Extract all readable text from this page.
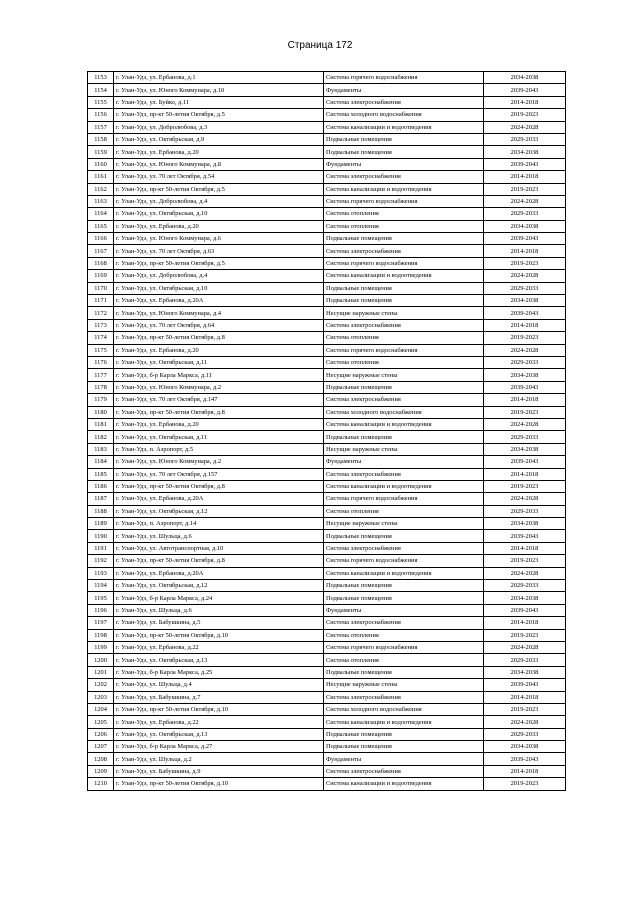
Страница 172
1153	г. Улан-Удэ, ул. Ербанова, д.1	Система горячего водоснабжения	2034-2038
1154	г. Улан-Удэ, ул. Юного Коммунара, д.10	Фундаменты	2039-2043
1155	г. Улан-Удэ, ул. Буйко, д.11	Система электроснабжения	2014-2018
1156	г. Улан-Удэ, пр-кт 50-летия Октября, д.5	Система холодного водоснабжения	2019-2023
1157	г. Улан-Удэ, ул. Добролюбова, д.3	Система канализации и водоотведения	2024-2028
1158	г. Улан-Удэ, ул. Октябрьская, д.9	Подвальные помещения	2029-2033
1159	г. Улан-Удэ, ул. Ербанова, д.20	Подвальные помещения	2034-2038
1160	г. Улан-Удэ, ул. Юного Коммунара, д.8	Фундаменты	2039-2043
1161	г. Улан-Удэ, ул. 70 лет Октября, д.54	Система электроснабжения	2014-2018
1162	г. Улан-Удэ, пр-кт 50-летия Октября, д.5	Система канализации и водоотведения	2019-2023
1163	г. Улан-Удэ, ул. Добролюбова, д.4	Система горячего водоснабжения	2024-2028
1164	г. Улан-Удэ, ул. Октябрьская, д.10	Система отопления	2029-2033
1165	г. Улан-Удэ, ул. Ербанова, д.20	Система отопления	2034-2038
1166	г. Улан-Удэ, ул. Юного Коммунара, д.6	Подвальные помещения	2039-2043
1167	г. Улан-Удэ, ул. 70 лет Октября, д.63	Система электроснабжения	2014-2018
1168	г. Улан-Удэ, пр-кт 50-летия Октября, д.5	Система горячего водоснабжения	2019-2023
1169	г. Улан-Удэ, ул. Добролюбова, д.4	Система канализации и водоотведения	2024-2028
1170	г. Улан-Удэ, ул. Октябрьская, д.10	Подвальные помещения	2029-2033
1171	г. Улан-Удэ, ул. Ербанова, д.20А	Подвальные помещения	2034-2038
1172	г. Улан-Удэ, ул. Юного Коммунара, д.4	Несущие наружные стены	2039-2043
1173	г. Улан-Удэ, ул. 70 лет Октября, д.64	Система электроснабжения	2014-2018
1174	г. Улан-Удэ, пр-кт 50-летия Октября, д.8	Система отопления	2019-2023
1175	г. Улан-Удэ, ул. Ербанова, д.20	Система горячего водоснабжения	2024-2028
1176	г. Улан-Удэ, ул. Октябрьская, д.11	Система отопления	2029-2033
1177	г. Улан-Удэ, б-р Карла Маркса, д.11	Несущие наружные стены	2034-2038
1178	г. Улан-Удэ, ул. Юного Коммунара, д.2	Подвальные помещения	2039-2043
1179	г. Улан-Удэ, ул. 70 лет Октября, д.147	Система электроснабжения	2014-2018
1180	г. Улан-Удэ, пр-кт 50-летия Октября, д.8	Система холодного водоснабжения	2019-2023
1181	г. Улан-Удэ, ул. Ербанова, д.20	Система канализации и водоотведения	2024-2028
1182	г. Улан-Удэ, ул. Октябрьская, д.11	Подвальные помещения	2029-2033
1183	г. Улан-Удэ, п. Аэропорт, д.5	Несущие наружные стены	2034-2038
1184	г. Улан-Удэ, ул. Юного Коммунара, д.2	Фундаменты	2039-2043
1185	г. Улан-Удэ, ул. 70 лет Октября, д.157	Система электроснабжения	2014-2018
1186	г. Улан-Удэ, пр-кт 50-летия Октября, д.8	Система канализации и водоотведения	2019-2023
1187	г. Улан-Удэ, ул. Ербанова, д.20А	Система горячего водоснабжения	2024-2028
1188	г. Улан-Удэ, ул. Октябрьская, д.12	Система отопления	2029-2033
1189	г. Улан-Удэ, п. Аэропорт, д.14	Несущие наружные стены	2034-2038
1190	г. Улан-Удэ, ул. Шульца, д.6	Подвальные помещения	2039-2043
1191	г. Улан-Удэ, ул. Автотранспортная, д.10	Система электроснабжения	2014-2018
1192	г. Улан-Удэ, пр-кт 50-летия Октября, д.8	Система горячего водоснабжения	2019-2023
1193	г. Улан-Удэ, ул. Ербанова, д.20А	Система канализации и водоотведения	2024-2028
1194	г. Улан-Удэ, ул. Октябрьская, д.12	Подвальные помещения	2029-2033
1195	г. Улан-Удэ, б-р Карла Маркса, д.24	Подвальные помещения	2034-2038
1196	г. Улан-Удэ, ул. Шульца, д.6	Фундаменты	2039-2043
1197	г. Улан-Удэ, ул. Бабушкина, д.5	Система электроснабжения	2014-2018
1198	г. Улан-Удэ, пр-кт 50-летия Октября, д.10	Система отопления	2019-2023
1199	г. Улан-Удэ, ул. Ербанова, д.22	Система горячего водоснабжения	2024-2028
1200	г. Улан-Удэ, ул. Октябрьская, д.13	Система отопления	2029-2033
1201	г. Улан-Удэ, б-р Карла Маркса, д.25	Подвальные помещения	2034-2038
1202	г. Улан-Удэ, ул. Шульца, д.4	Несущие наружные стены	2039-2043
1203	г. Улан-Удэ, ул. Бабушкина, д.7	Система электроснабжения	2014-2018
1204	г. Улан-Удэ, пр-кт 50-летия Октября, д.10	Система холодного водоснабжения	2019-2023
1205	г. Улан-Удэ, ул. Ербанова, д.22	Система канализации и водоотведения	2024-2028
1206	г. Улан-Удэ, ул. Октябрьская, д.13	Подвальные помещения	2029-2033
1207	г. Улан-Удэ, б-р Карла Маркса, д.27	Подвальные помещения	2034-2038
1208	г. Улан-Удэ, ул. Шульца, д.2	Фундаменты	2039-2043
1209	г. Улан-Удэ, ул. Бабушкина, д.9	Система электроснабжения	2014-2018
1210	г. Улан-Удэ, пр-кт 50-летия Октября, д.10	Система канализации и водоотведения	2019-2023
